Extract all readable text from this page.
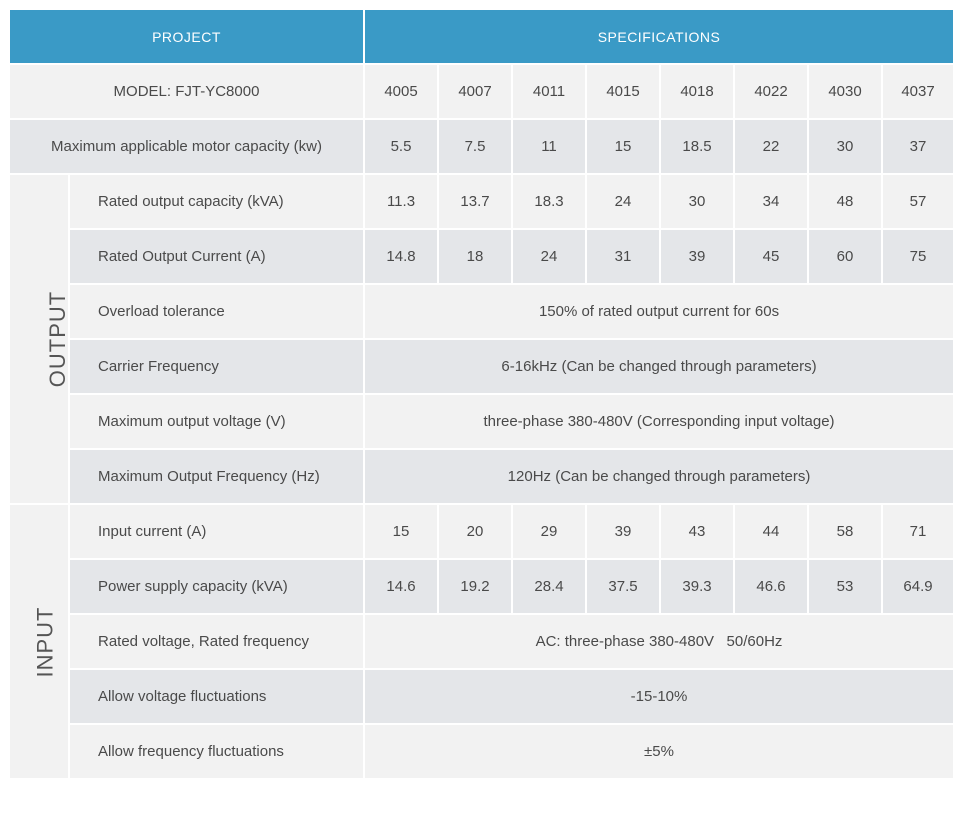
PROJECT		SPECIFICATIONS							
MODEL: FJT-YC8000		4005	4007	4011	4015	4018	4022	4030	4037
Maximum applicable motor capacity (kw)		5.5	7.5	11	15	18.5	22	30	37
OUTPUT	Rated output capacity (kVA)	11.3	13.7	18.3	24	30	34	48	57
	Rated Output Current (A)	14.8	18	24	31	39	45	60	75
	Overload tolerance	150% of rated output current for 60s							
	Carrier Frequency	6-16kHz (Can be changed through parameters)							
	Maximum output voltage (V)	three-phase 380-480V (Corresponding input voltage)							
	Maximum Output Frequency (Hz)	120Hz (Can be changed through parameters)							
INPUT	Input current (A)	15	20	29	39	43	44	58	71
	Power supply capacity (kVA)	14.6	19.2	28.4	37.5	39.3	46.6	53	64.9
	Rated voltage, Rated frequency	AC: three-phase 380-480V   50/60Hz							
	Allow voltage fluctuations	-15-10%							
	Allow frequency fluctuations	±5%							
